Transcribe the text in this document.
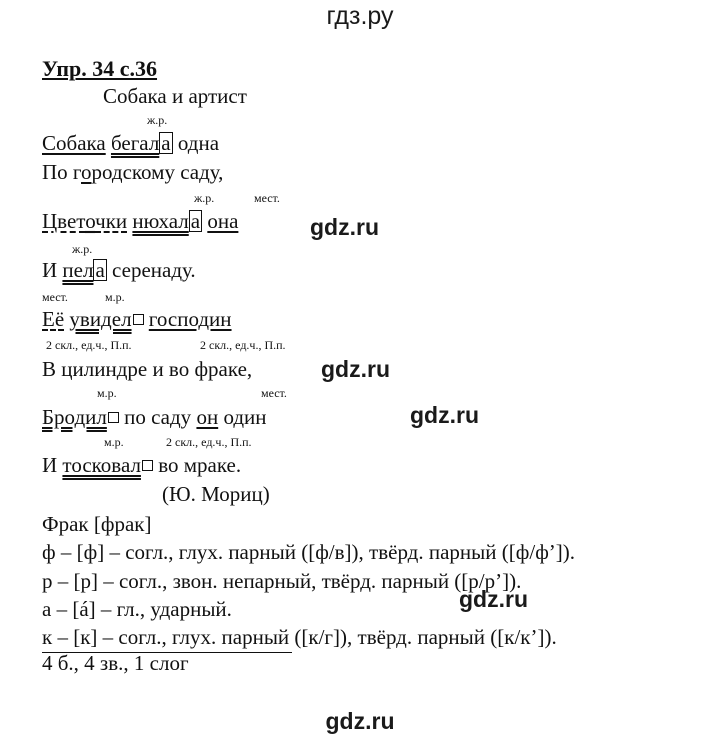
гдз.ру
Упр. 34 с.36
Собака и артист
ж.р.
Собака бегала одна
По городскому саду,
ж.р.	мест.
Цветочки нюхала она	gdz.ru
ж.р.
И пела серенаду.
мест.	м.р.
Её увидел господин
2 скл., ед.ч., П.п.	2 скл., ед.ч., П.п.
В цилиндре и во фраке,	gdz.ru
м.р.	мест.
Бродил по саду он один	gdz.ru
м.р.	2 скл., ед.ч., П.п.
И тосковал во мраке.
(Ю. Мориц)
Фрак [фрак]
ф – [ф] – согл., глух. парный ([ф/в]), твёрд. парный ([ф/ф’]).
р – [р] – согл., звон. непарный, твёрд. парный ([р/р’]).
а – [á] – гл., ударный.	gdz.ru
к – [к] – согл., глух. парный ([к/г]), твёрд. парный ([к/к’]).
4 б., 4 зв., 1 слог
gdz.ru
